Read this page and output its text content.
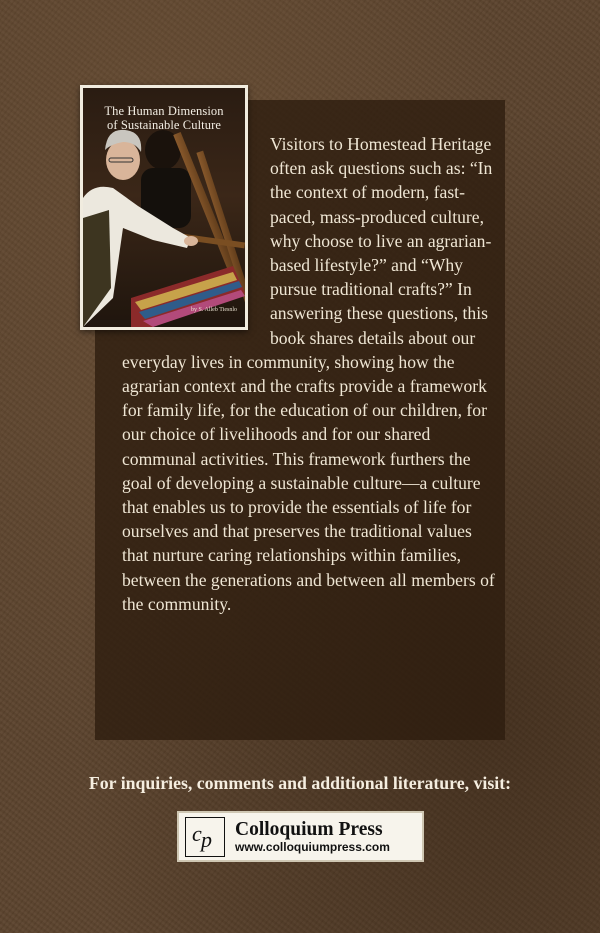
The Human Dimension
of Sustainable Culture
by S. Alleb Tiesnlo

Visitors to Homestead Heritage often ask questions such as: “In the context of modern, fast-paced, mass-produced culture, why choose to live an agrarian-based lifestyle?” and “Why pursue traditional crafts?” In answering these questions, this book shares details about our everyday lives in community, showing how the agrarian context and the crafts provide a framework for family life, for the education of our children, for our choice of livelihoods and for our shared communal activities. This framework furthers the goal of developing a sustainable culture—a culture that enables us to provide the essentials of life for ourselves and that preserves the traditional values that nurture caring relationships within families, between the generations and between all members of the community.

For inquiries, comments and additional literature, visit:
c p Colloquium Press
www.colloquiumpress.com
